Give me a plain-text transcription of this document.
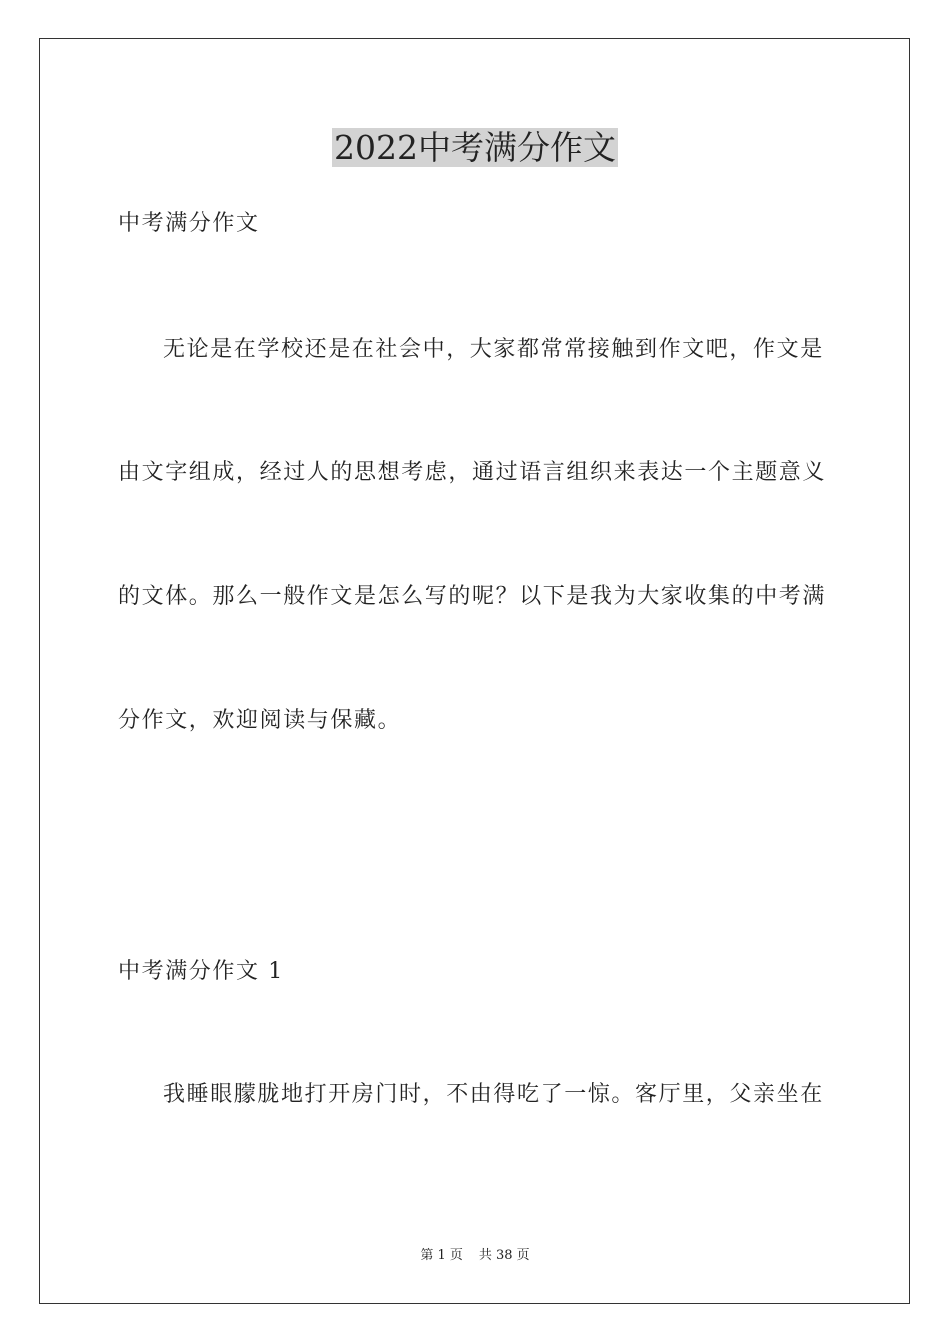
2022中考满分作文
中考满分作文
无论是在学校还是在社会中，大家都常常接触到作文吧，作文是
由文字组成，经过人的思想考虑，通过语言组织来表达一个主题意义
的文体。那么一般作文是怎么写的呢？以下是我为大家收集的中考满
分作文，欢迎阅读与保藏。
中考满分作文 1
我睡眼朦胧地打开房门时，不由得吃了一惊。客厅里，父亲坐在
第 1 页 共 38 页
